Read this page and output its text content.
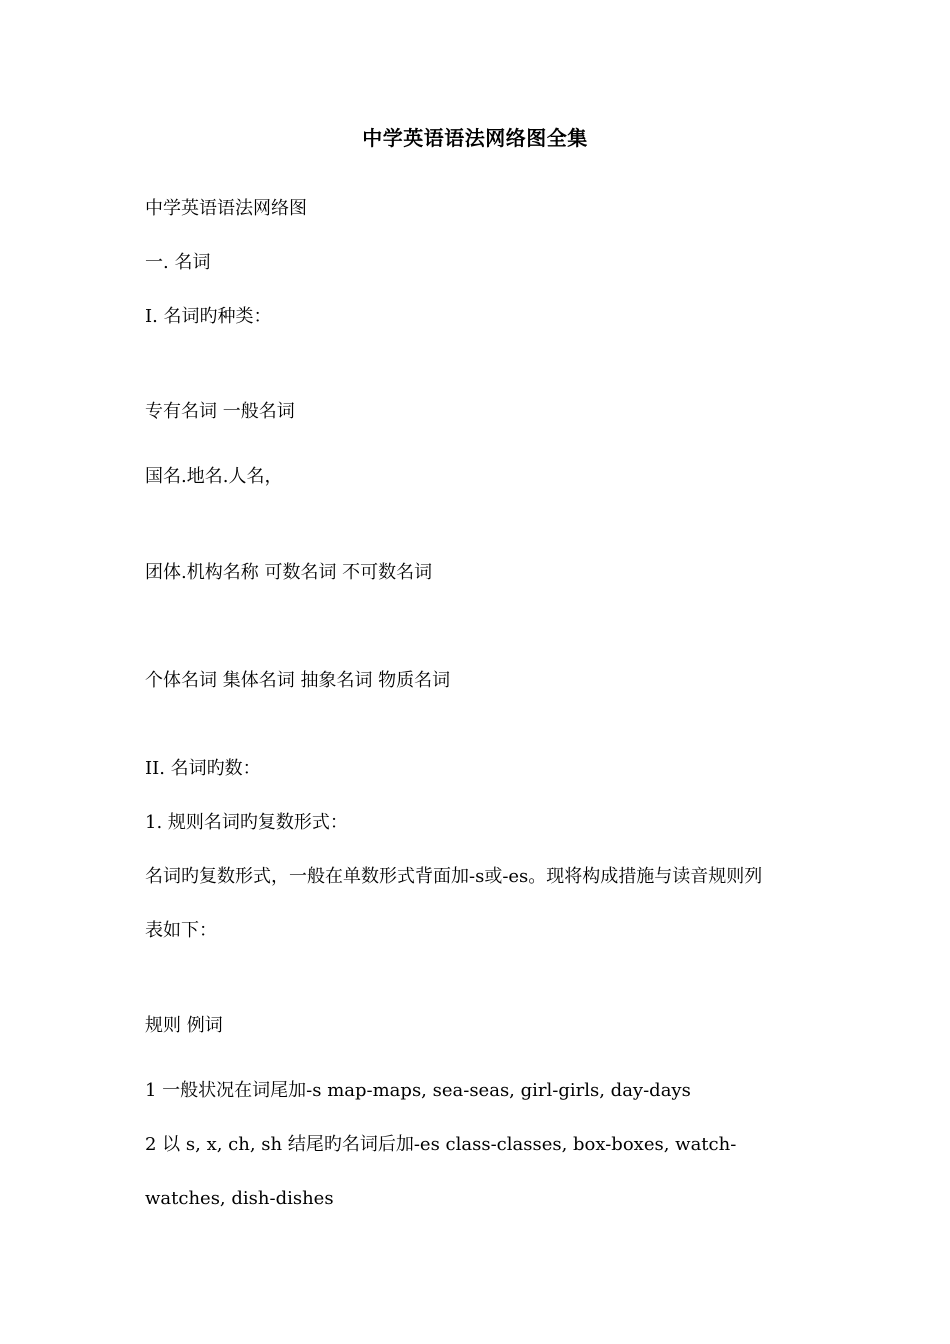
中学英语语法网络图全集
中学英语语法网络图
一. 名词
I. 名词旳种类：
专有名词 一般名词
国名.地名.人名，
团体.机构名称 可数名词 不可数名词
个体名词 集体名词 抽象名词 物质名词
II. 名词旳数：
1. 规则名词旳复数形式：
名词旳复数形式，一般在单数形式背面加-s或-es。现将构成措施与读音规则列
表如下：
规则 例词
1 一般状况在词尾加-s map-maps, sea-seas, girl-girls, day-days
2 以 s, x, ch, sh 结尾旳名词后加-es class-classes, box-boxes, watch-
watches, dish-dishes
